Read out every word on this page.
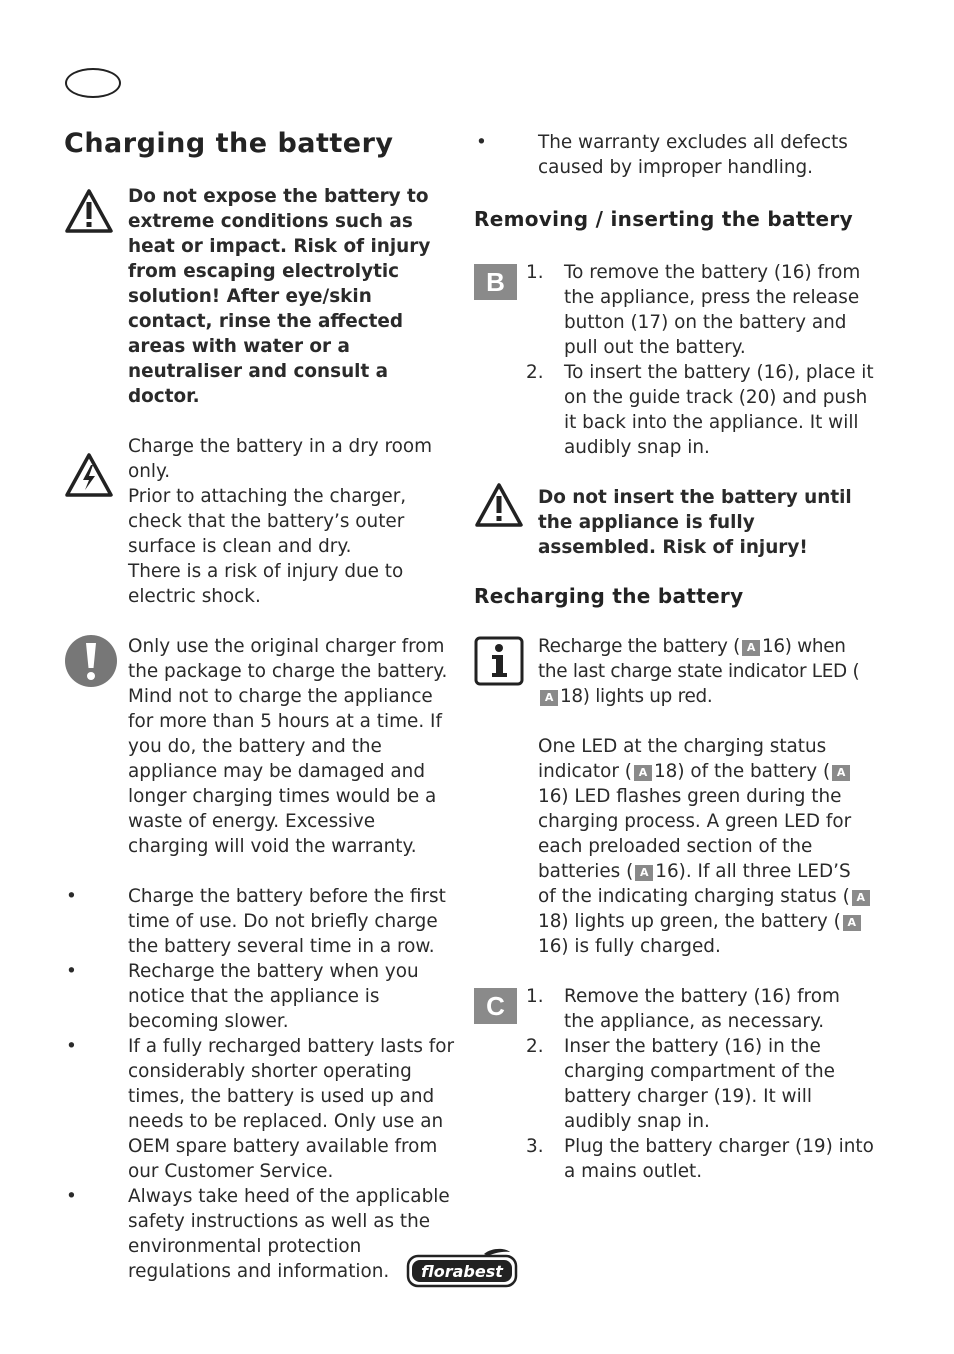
Charging the battery

Do not expose the battery to extreme conditions such as heat or impact. Risk of injury from escaping electrolytic solution! After eye/skin contact, rinse the affected areas with water or a neutraliser and consult a doctor.

Charge the battery in a dry room only.

Prior to attaching the charger, check that the battery’s outer surface is clean and dry.

There is a risk of injury due to electric shock.

Only use the original charger from the package to charge the battery. Mind not to charge the appliance for more than 5 hours at a time. If you do, the battery and the appliance may be damaged and longer charging times would be a waste of energy. Excessive charging will void the warranty.

•	Charge the battery before the first time of use. Do not briefly charge the battery several time in a row.
•	Recharge the battery when you notice that the appliance is becoming slower.
•	If a fully recharged battery lasts for considerably shorter operating times, the battery is used up and needs to be replaced. Only use an OEM spare battery available from our Customer Service.
•	Always take heed of the applicable safety instructions as well as the environmental protection regulations and information.
•	The warranty excludes all defects caused by improper handling.
Removing / inserting the battery
B	1. To remove the battery (16) from the appliance, press the release button (17) on the battery and pull out the battery.
2. To insert the battery (16), place it on the guide track (20) and push it back into the appliance. It will audibly snap in.

Do not insert the battery until the appliance is fully assembled. Risk of injury!

Recharging the battery

Recharge the battery ( A 16) when the last charge state indicator LED (A 18) lights up red.

One LED at the charging status indicator ( A 18) of the battery ( A16) LED flashes green during the charging process. A green LED for each preloaded section of the batteries ( A 16). If all three LED’S of the indicating charging status ( A18) lights up green, the battery ( A16) is fully charged.

C	1. Remove the battery (16) from the appliance, as necessary.
2. Inser the battery (16) in the charging compartment of the battery charger (19). It will audibly snap in.
3. Plug the battery charger (19) into a mains outlet.
florabest
